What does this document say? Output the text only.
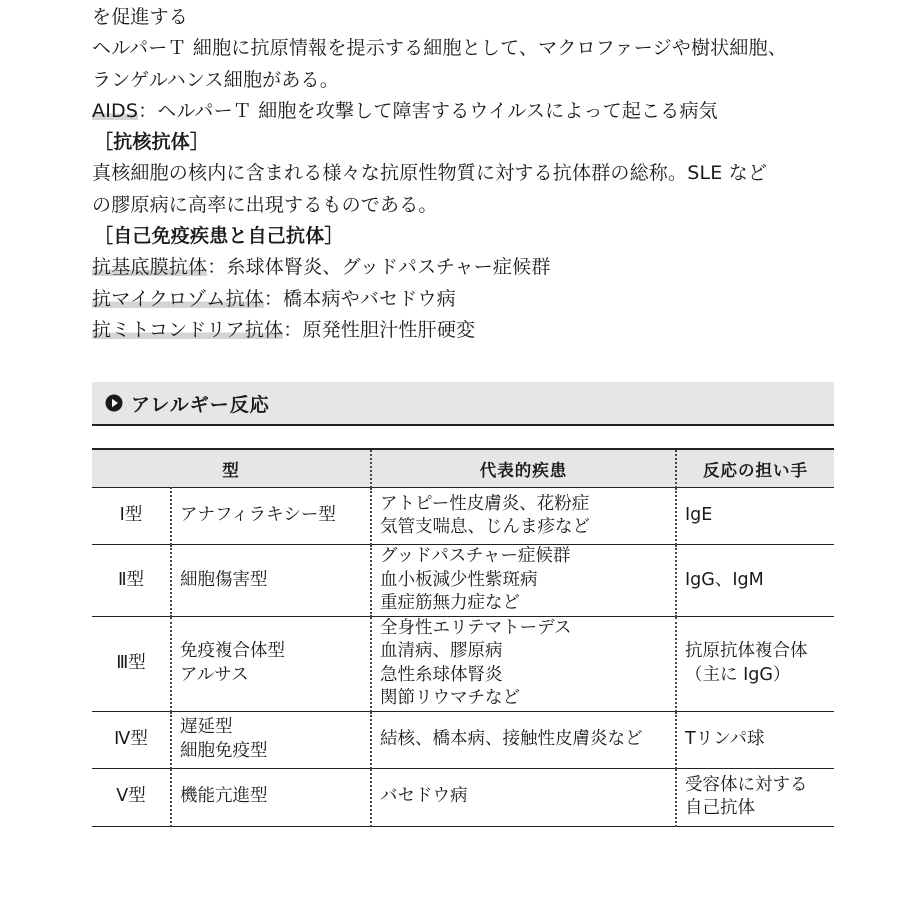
を促進する
ヘルパーＴ 細胞に抗原情報を提示する細胞として、マクロファージや樹状細胞、
ランゲルハンス細胞がある。
AIDS：ヘルパーＴ 細胞を攻撃して障害するウイルスによって起こる病気
［抗核抗体］
真核細胞の核内に含まれる様々な抗原性物質に対する抗体群の総称。SLE など
の膠原病に高率に出現するものである。
［自己免疫疾患と自己抗体］
抗基底膜抗体：糸球体腎炎、グッドパスチャー症候群
抗マイクロゾム抗体：橋本病やバセドウ病
抗ミトコンドリア抗体：原発性胆汁性肝硬変
アレルギー反応
型		代表的疾患	反応の担い手
Ⅰ型	アナフィラキシー型	アトピー性皮膚炎、花粉症
気管支喘息、じんま疹など	IgE

Ⅱ型	細胞傷害型	グッドパスチャー症候群
血小板減少性紫斑病
重症筋無力症など	IgG、IgM

Ⅲ型	免疫複合体型
アルサス	全身性エリテマトーデス
血清病、膠原病
急性糸球体腎炎
関節リウマチなど	抗原抗体複合体
（主に IgG）

Ⅳ型	遅延型
細胞免疫型	結核、橋本病、接触性皮膚炎など	Tリンパ球

Ⅴ型	機能亢進型	バセドウ病	受容体に対する
自己抗体
